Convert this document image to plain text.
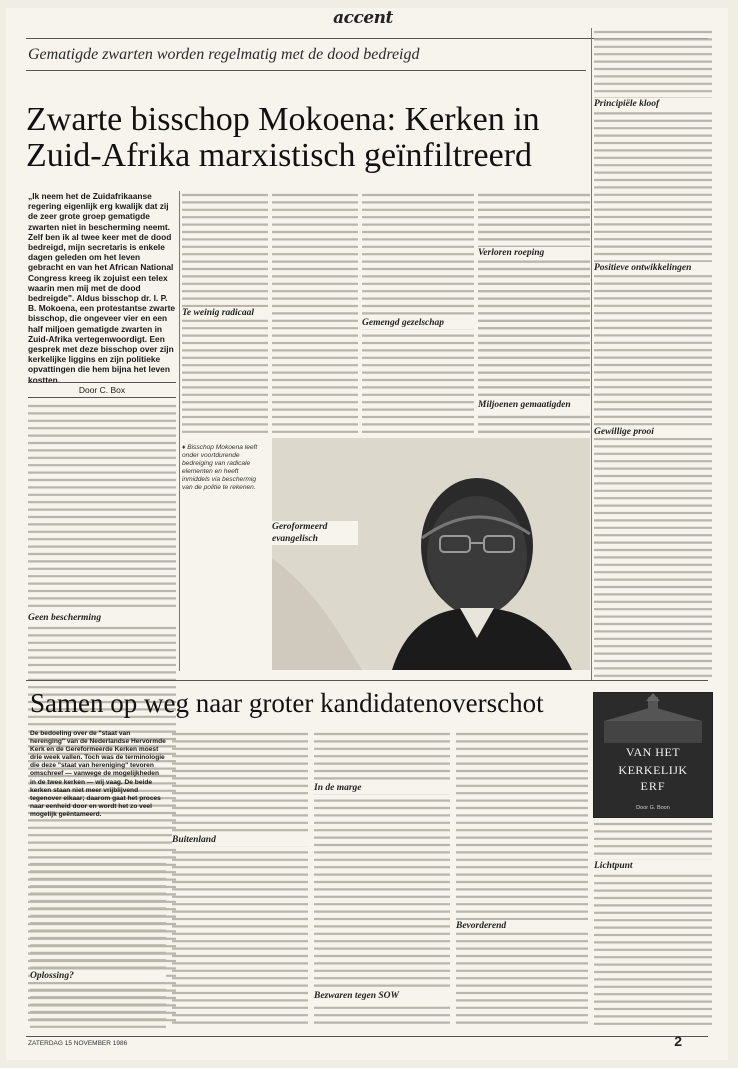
accent
Gematigde zwarten worden regelmatig met de dood bedreigd
Zwarte bisschop Mokoena: Kerken in Zuid-Afrika marxistisch geïnfiltreerd
„Ik neem het de Zuidafrikaanse regering eigenlijk erg kwalijk dat zij de zeer grote groep gematigde zwarten niet in bescherming neemt. Zelf ben ik al twee keer met de dood bedreigd, mijn secretaris is enkele dagen geleden om het leven gebracht en van het African National Congress kreeg ik zojuist een telex waarin men mij met de dood bedreigde". Aldus bisschop dr. I. P. B. Mokoena, een protestantse zwarte bisschop, die ongeveer vier en een half miljoen gematigde zwarten in Zuid-Afrika vertegenwoordigt. Een gesprek met deze bisschop over zijn kerkelijke liggins en zijn politieke opvattingen die hem bijna het leven kostten.
Door C. Box
Geen bescherming
Te weinig radicaal
Geroformeerd evangelisch
Gemengd gezelschap
Verloren roeping
Principiële kloof
Positieve ontwikkelingen
Gewillige prooi
Miljoenen gemaatigden
♦ Bisschop Mokoena leeft onder voortdurende bedreiging van radicale elementen en heeft inmiddels via beschermig van de politie te rekenen.
Samen op weg naar groter kandidatenoverschot
De bedoeling over de "staat van herenging" van de Nederlandse Hervormde Kerk en de Gereformeerde Kerken moest drie week vallen. Toch was de terminologie die deze "staat van hereniging" tevoren omschreef — vanwege de mogelijkheden in de twee kerken — wij vaag. De beide kerken staan niet meer vrijblijvend tegenover elkaar; daarom gaat het proces naar eenheid door en wordt het zo veel mogelijk geëntameerd.
Oplossing?
Buitenland
In de marge
Bezwaren tegen SOW
Bevorderend
Lichtpunt
VAN HET
KERKELIJK
ERF
Door G. Boon
ZATERDAG 15 NOVEMBER 1986	2
